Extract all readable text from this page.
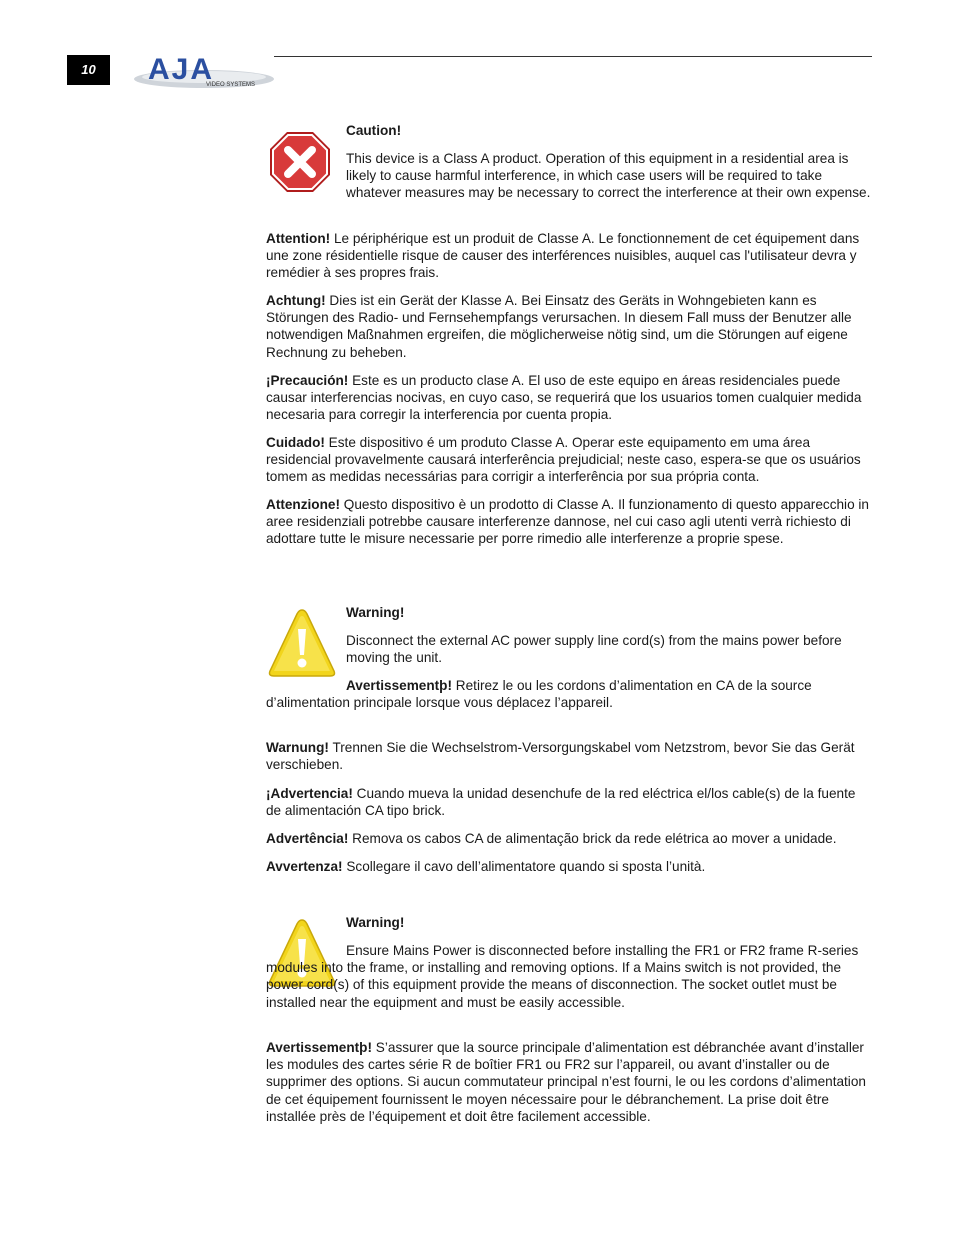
10	AJA
VIDEO SYSTEMS

Caution!

This device is a Class A product. Operation of this equipment in a residential area is likely to cause harmful interference, in which case users will be required to take whatever measures may be necessary to correct the interference at their own expense.

Attention! Le périphérique est un produit de Classe A. Le fonctionnement de cet équipement dans une zone résidentielle risque de causer des interférences nuisibles, auquel cas l'utilisateur devra y remédier à ses propres frais.

Achtung! Dies ist ein Gerät der Klasse A. Bei Einsatz des Geräts in Wohngebieten kann es Störungen des Radio- und Fernsehempfangs verursachen. In diesem Fall muss der Benutzer alle notwendigen Maßnahmen ergreifen, die möglicherweise nötig sind, um die Störungen auf eigene Rechnung zu beheben.

¡Precaución! Este es un producto clase A. El uso de este equipo en áreas residenciales puede causar interferencias nocivas, en cuyo caso, se requerirá que los usuarios tomen cualquier medida necesaria para corregir la interferencia por cuenta propia.

Cuidado! Este dispositivo é um produto Classe A. Operar este equipamento em uma área residencial provavelmente causará interferência prejudicial; neste caso, espera-se que os usuários tomem as medidas necessárias para corrigir a interferência por sua própria conta.

Attenzione! Questo dispositivo è un prodotto di Classe A. Il funzionamento di questo apparecchio in aree residenziali potrebbe causare interferenze dannose, nel cui caso agli utenti verrà richiesto di adottare tutte le misure necessarie per porre rimedio alle interferenze a proprie spese.

Warning!

Disconnect the external AC power supply line cord(s) from the mains power before moving the unit.

Avertissementþ! Retirez le ou les cordons d’alimentation en CA de la source d’alimentation principale lorsque vous déplacez l’appareil.

Warnung! Trennen Sie die Wechselstrom-Versorgungskabel vom Netzstrom, bevor Sie das Gerät verschieben.

¡Advertencia! Cuando mueva la unidad desenchufe de la red eléctrica el/los cable(s) de la fuente de alimentación CA tipo brick.

Advertência! Remova os cabos CA de alimentação brick da rede elétrica ao mover a unidade.

Avvertenza! Scollegare il cavo dell’alimentatore quando si sposta l’unità.

Warning!

Ensure Mains Power is disconnected before installing the FR1 or FR2 frame R-series modules into the frame, or installing and removing options. If a Mains switch is not provided, the power cord(s) of this equipment provide the means of disconnection. The socket outlet must be installed near the equipment and must be easily accessible.

Avertissementþ! S’assurer que la source principale d’alimentation est débranchée avant d’installer les modules des cartes série R de boîtier FR1 ou FR2 sur l’appareil, ou avant d’installer ou de supprimer des options. Si aucun commutateur principal n’est fourni, le ou les cordons d’alimentation de cet équipement fournissent le moyen nécessaire pour le débranchement. La prise doit être installée près de l’équipement et doit être facilement accessible.
